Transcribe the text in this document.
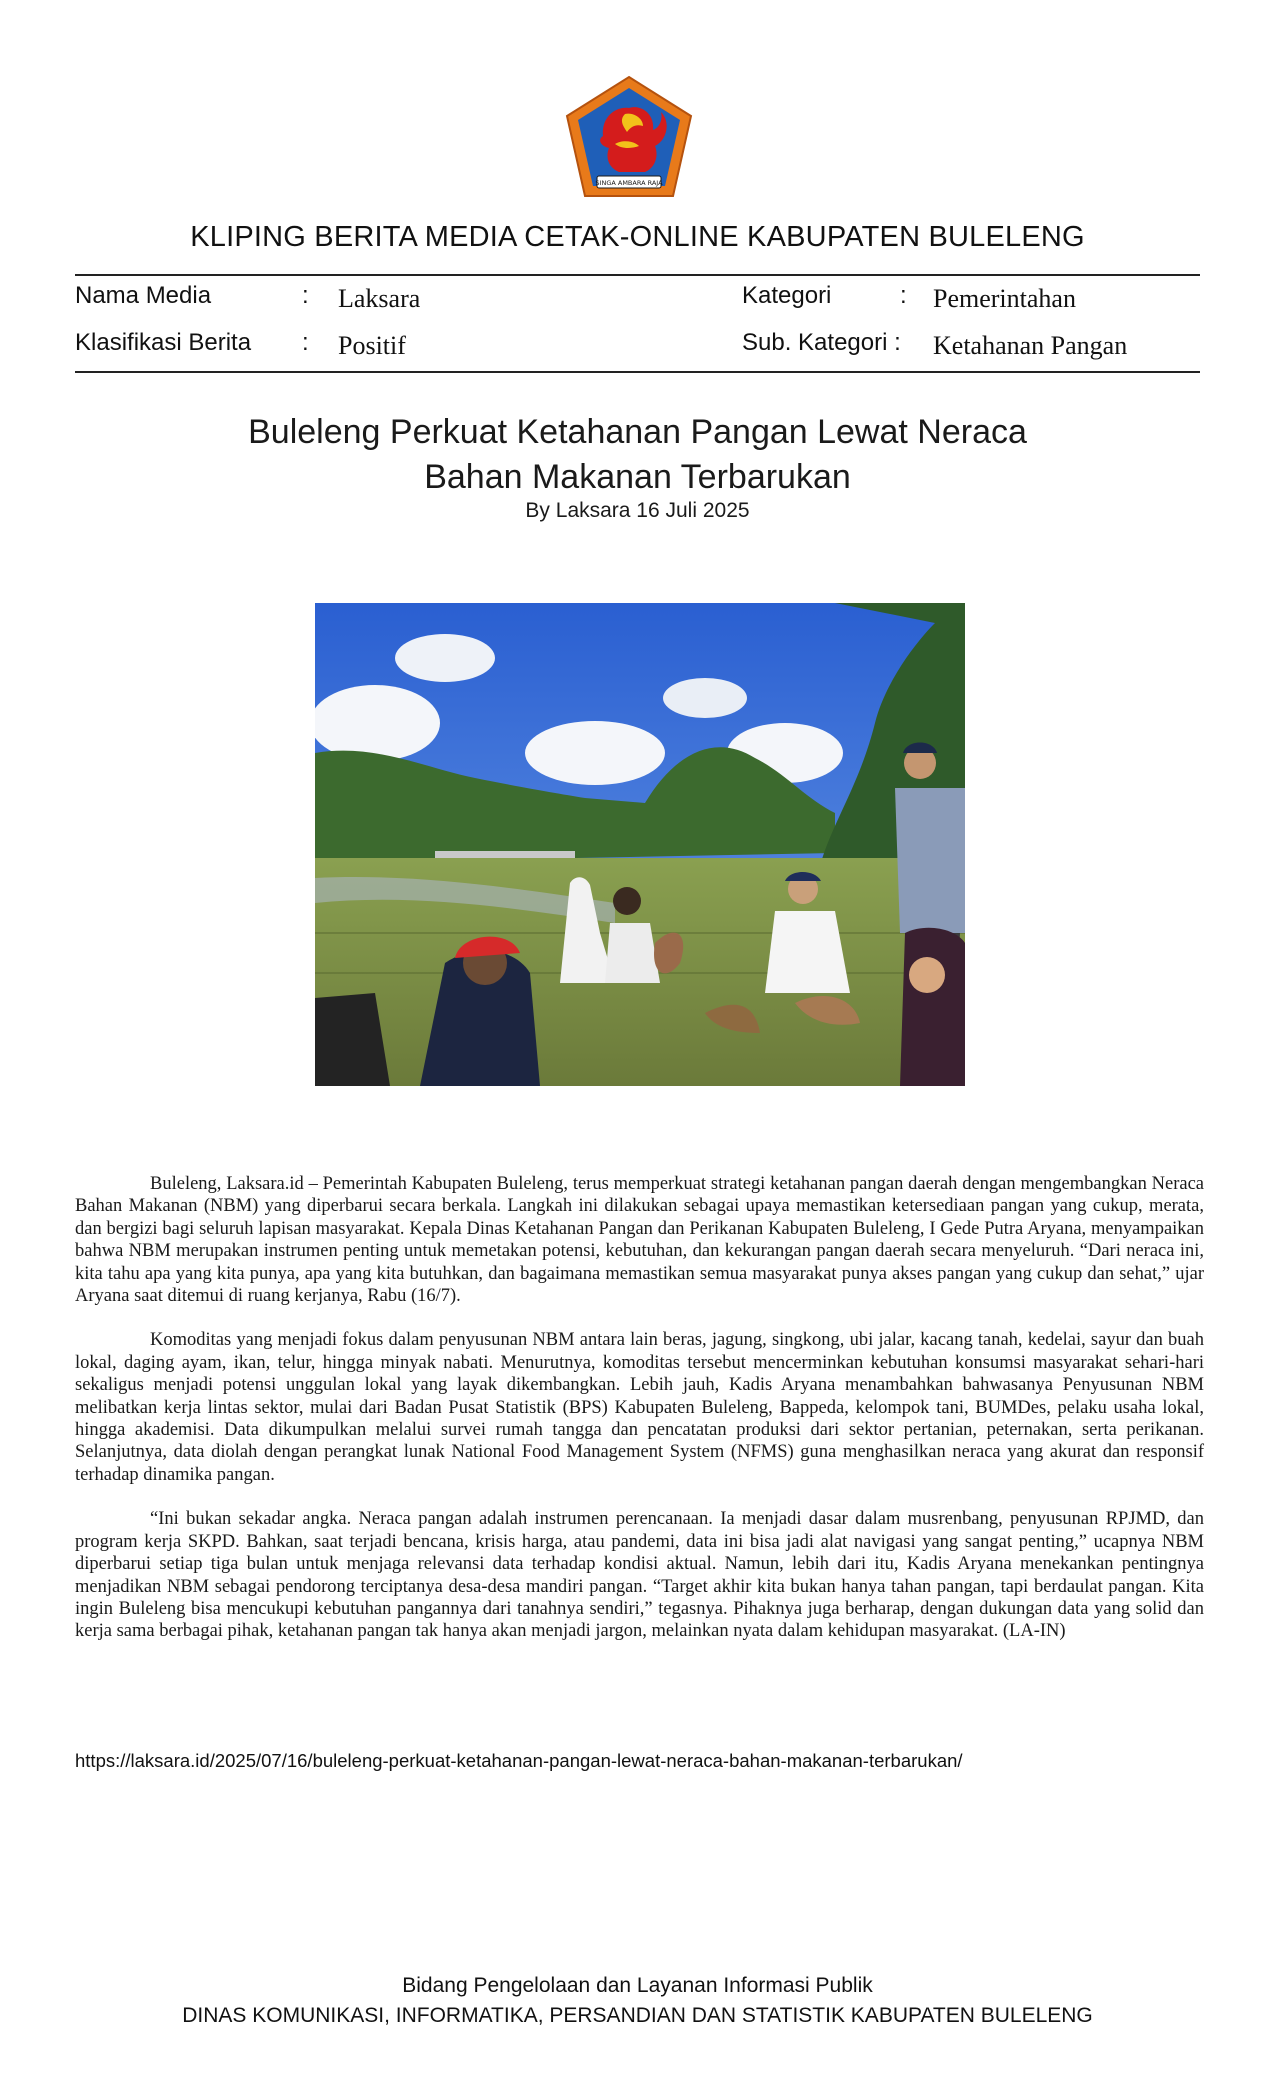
SINGA AMBARA RAJA
KLIPING BERITA MEDIA CETAK-ONLINE KABUPATEN BULELENG
Nama Media	: Laksara	Kategori	: Pemerintahan
Klasifikasi Berita : Positif	Sub. Kategori : Ketahanan Pangan
Buleleng Perkuat Ketahanan Pangan Lewat Neraca
Bahan Makanan Terbarukan
By Laksara 16 Juli 2025

Buleleng, Laksara.id – Pemerintah Kabupaten Buleleng, terus memperkuat strategi ketahanan pangan daerah dengan mengembangkan Neraca Bahan Makanan (NBM) yang diperbarui secara berkala. Langkah ini dilakukan sebagai upaya memastikan ketersediaan pangan yang cukup, merata, dan bergizi bagi seluruh lapisan masyarakat. Kepala Dinas Ketahanan Pangan dan Perikanan Kabupaten Buleleng, I Gede Putra Aryana, menyampaikan bahwa NBM merupakan instrumen penting untuk memetakan potensi, kebutuhan, dan kekurangan pangan daerah secara menyeluruh. “Dari neraca ini, kita tahu apa yang kita punya, apa yang kita butuhkan, dan bagaimana memastikan semua masyarakat punya akses pangan yang cukup dan sehat,” ujar Aryana saat ditemui di ruang kerjanya, Rabu (16/7).

Komoditas yang menjadi fokus dalam penyusunan NBM antara lain beras, jagung, singkong, ubi jalar, kacang tanah, kedelai, sayur dan buah lokal, daging ayam, ikan, telur, hingga minyak nabati. Menurutnya, komoditas tersebut mencerminkan kebutuhan konsumsi masyarakat sehari-hari sekaligus menjadi potensi unggulan lokal yang layak dikembangkan. Lebih jauh, Kadis Aryana menambahkan bahwasanya Penyusunan NBM melibatkan kerja lintas sektor, mulai dari Badan Pusat Statistik (BPS) Kabupaten Buleleng, Bappeda, kelompok tani, BUMDes, pelaku usaha lokal, hingga akademisi. Data dikumpulkan melalui survei rumah tangga dan pencatatan produksi dari sektor pertanian, peternakan, serta perikanan. Selanjutnya, data diolah dengan perangkat lunak National Food Management System (NFMS) guna menghasilkan neraca yang akurat dan responsif terhadap dinamika pangan.

“Ini bukan sekadar angka. Neraca pangan adalah instrumen perencanaan. Ia menjadi dasar dalam musrenbang, penyusunan RPJMD, dan program kerja SKPD. Bahkan, saat terjadi bencana, krisis harga, atau pandemi, data ini bisa jadi alat navigasi yang sangat penting,” ucapnya NBM diperbarui setiap tiga bulan untuk menjaga relevansi data terhadap kondisi aktual. Namun, lebih dari itu, Kadis Aryana menekankan pentingnya menjadikan NBM sebagai pendorong terciptanya desa-desa mandiri pangan. “Target akhir kita bukan hanya tahan pangan, tapi berdaulat pangan. Kita ingin Buleleng bisa mencukupi kebutuhan pangannya dari tanahnya sendiri,” tegasnya. Pihaknya juga berharap, dengan dukungan data yang solid dan kerja sama berbagai pihak, ketahanan pangan tak hanya akan menjadi jargon, melainkan nyata dalam kehidupan masyarakat. (LA-IN)

https://laksara.id/2025/07/16/buleleng-perkuat-ketahanan-pangan-lewat-neraca-bahan-makanan-terbarukan/
Bidang Pengelolaan dan Layanan Informasi Publik
DINAS KOMUNIKASI, INFORMATIKA, PERSANDIAN DAN STATISTIK KABUPATEN BULELENG
